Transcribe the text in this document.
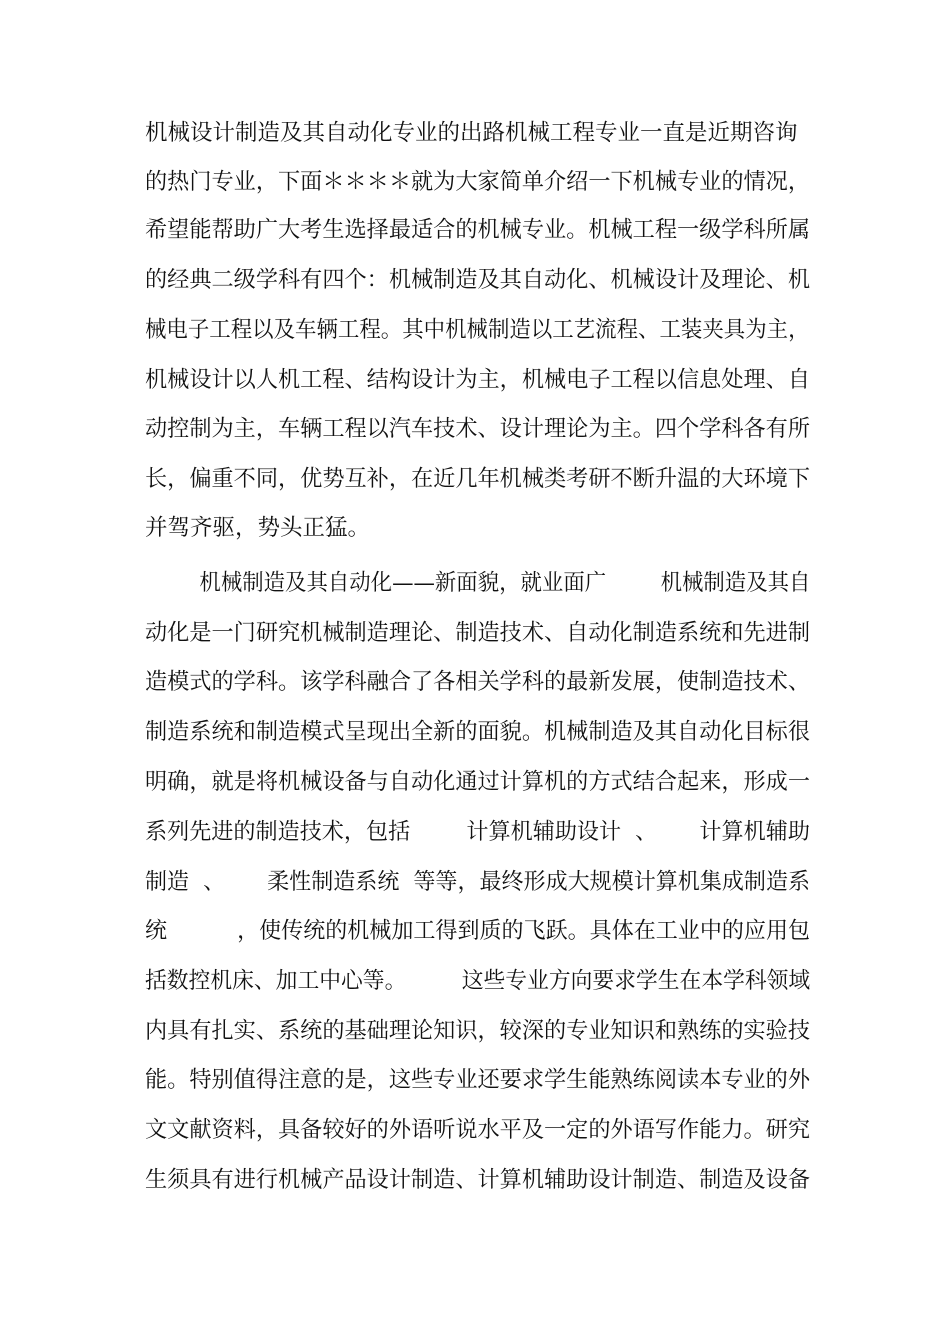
机械设计制造及其自动化专业的出路机械工程专业一直是近期咨询
的热门专业，下面＊＊＊＊就为大家简单介绍一下机械专业的情况，
希望能帮助广大考生选择最适合的机械专业。机械工程一级学科所属
的经典二级学科有四个：机械制造及其自动化、机械设计及理论、机
械电子工程以及车辆工程。其中机械制造以工艺流程、工装夹具为主，
机械设计以人机工程、结构设计为主，机械电子工程以信息处理、自
动控制为主，车辆工程以汽车技术、设计理论为主。四个学科各有所
长，偏重不同，优势互补，在近几年机械类考研不断升温的大环境下
并驾齐驱，势头正猛。
机械制造及其自动化——新面貌，就业面广        机械制造及其自
动化是一门研究机械制造理论、制造技术、自动化制造系统和先进制
造模式的学科。该学科融合了各相关学科的最新发展，使制造技术、
制造系统和制造模式呈现出全新的面貌。机械制造及其自动化目标很
明确，就是将机械设备与自动化通过计算机的方式结合起来，形成一
系列先进的制造技术，包括        计算机辅助设计  、      计算机辅助
制造  、      柔性制造系统  等等，最终形成大规模计算机集成制造系
统          ，使传统的机械加工得到质的飞跃。具体在工业中的应用包
括数控机床、加工中心等。        这些专业方向要求学生在本学科领域
内具有扎实、系统的基础理论知识，较深的专业知识和熟练的实验技
能。特别值得注意的是，这些专业还要求学生能熟练阅读本专业的外
文文献资料，具备较好的外语听说水平及一定的外语写作能力。研究
生须具有进行机械产品设计制造、计算机辅助设计制造、制造及设备
